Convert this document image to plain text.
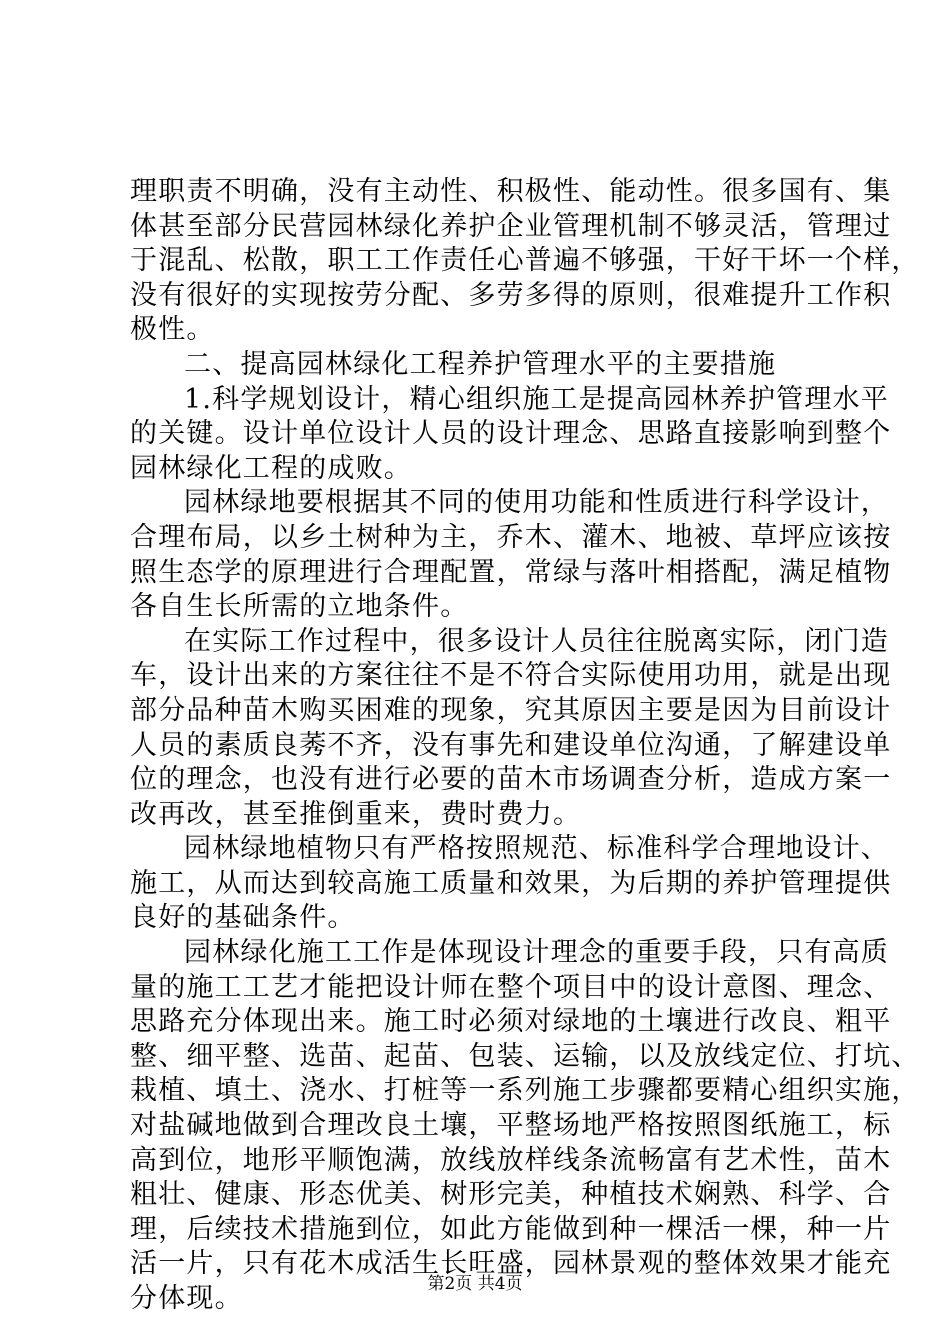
理职责不明确，没有主动性、积极性、能动性。很多国有、集
体甚至部分民营园林绿化养护企业管理机制不够灵活，管理过
于混乱、松散，职工工作责任心普遍不够强，干好干坏一个样，
没有很好的实现按劳分配、多劳多得的原则，很难提升工作积
极性。
二、提高园林绿化工程养护管理水平的主要措施
1.科学规划设计，精心组织施工是提高园林养护管理水平
的关键。设计单位设计人员的设计理念、思路直接影响到整个
园林绿化工程的成败。
园林绿地要根据其不同的使用功能和性质进行科学设计，
合理布局，以乡土树种为主，乔木、灌木、地被、草坪应该按
照生态学的原理进行合理配置，常绿与落叶相搭配，满足植物
各自生长所需的立地条件。
在实际工作过程中，很多设计人员往往脱离实际，闭门造
车，设计出来的方案往往不是不符合实际使用功用，就是出现
部分品种苗木购买困难的现象，究其原因主要是因为目前设计
人员的素质良莠不齐，没有事先和建设单位沟通，了解建设单
位的理念，也没有进行必要的苗木市场调查分析，造成方案一
改再改，甚至推倒重来，费时费力。
园林绿地植物只有严格按照规范、标准科学合理地设计、
施工，从而达到较高施工质量和效果，为后期的养护管理提供
良好的基础条件。
园林绿化施工工作是体现设计理念的重要手段，只有高质
量的施工工艺才能把设计师在整个项目中的设计意图、理念、
思路充分体现出来。施工时必须对绿地的土壤进行改良、粗平
整、细平整、选苗、起苗、包装、运输，以及放线定位、打坑、
栽植、填土、浇水、打桩等一系列施工步骤都要精心组织实施，
对盐碱地做到合理改良土壤，平整场地严格按照图纸施工，标
高到位，地形平顺饱满，放线放样线条流畅富有艺术性，苗木
粗壮、健康、形态优美、树形完美，种植技术娴熟、科学、合
理，后续技术措施到位，如此方能做到种一棵活一棵，种一片
活一片，只有花木成活生长旺盛，园林景观的整体效果才能充
分体现。	第2页 共4页
